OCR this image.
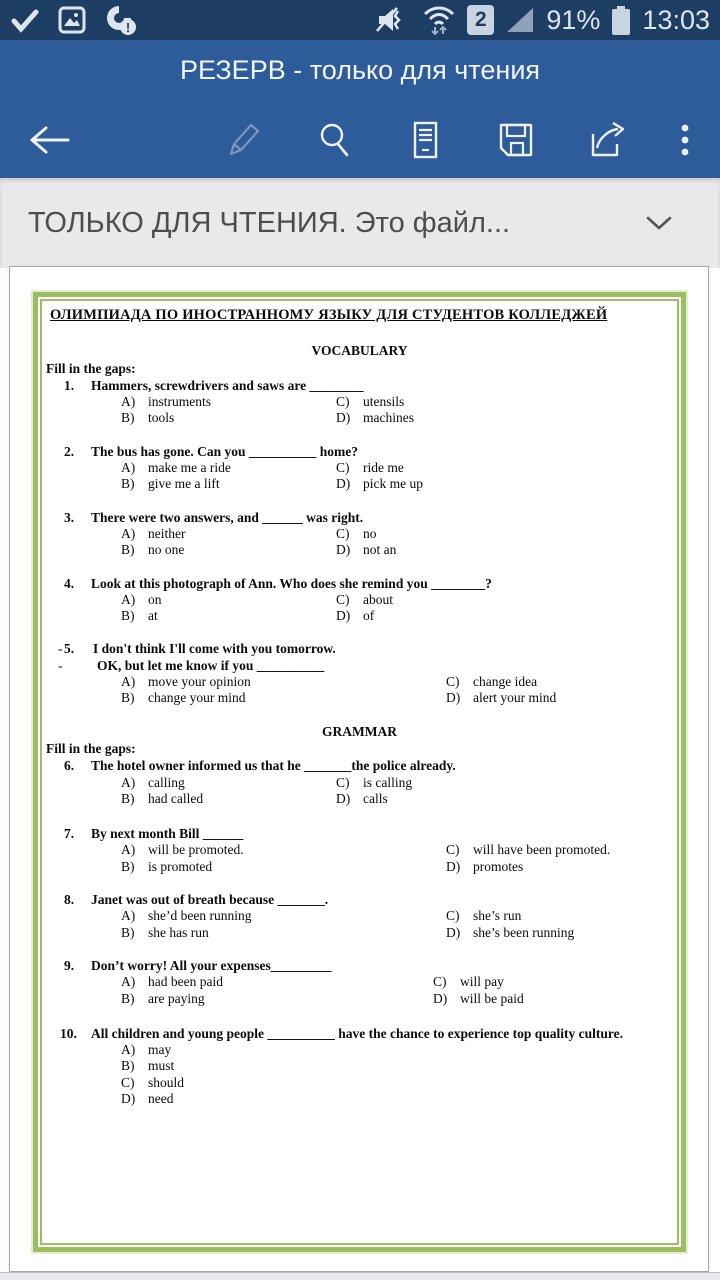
!	2 91% 13:03
РЕЗЕРВ - только для чтения
ТОЛЬКО ДЛЯ ЧТЕНИЯ. Это файл...
ОЛИМПИАДА ПО ИНОСТРАННОМУ ЯЗЫКУ ДЛЯ СТУДЕНТОВ КОЛЛЕДЖЕЙ
VOCABULARY
Fill in the gaps:
1. Hammers, screwdrivers and saws are ________
A) instruments	C) utensils
B) tools	D) machines
2. The bus has gone. Can you __________ home?
A) make me a ride	C) ride me
B) give me a lift	D) pick me up
3. There were two answers, and ______ was right.
A) neither	C) no
B) no one	D) not an
4. Look at this photograph of Ann. Who does she remind you ________?
A) on	C) about
B) at	D) of
5.
- I don't think I'll come with you tomorrow.
-	OK, but let me know if you __________
A) move your opinion	C) change idea
B) change your mind	D) alert your mind
GRAMMAR
Fill in the gaps:
6. The hotel owner informed us that he _______the police already.
A) calling	C) is calling
B) had called	D) calls
7. By next month Bill ______
A) will be promoted.	C) will have been promoted.
B) is promoted	D) promotes
8. Janet was out of breath because _______.
A) she’d been running	C) she’s run
B) she has run	D) she’s been running
9. Don’t worry! All your expenses_________
A) had been paid	C) will pay
B) are paying	D) will be paid
10. All children and young people __________ have the chance to experience top quality culture.
A) may
B) must
C) should
D) need
